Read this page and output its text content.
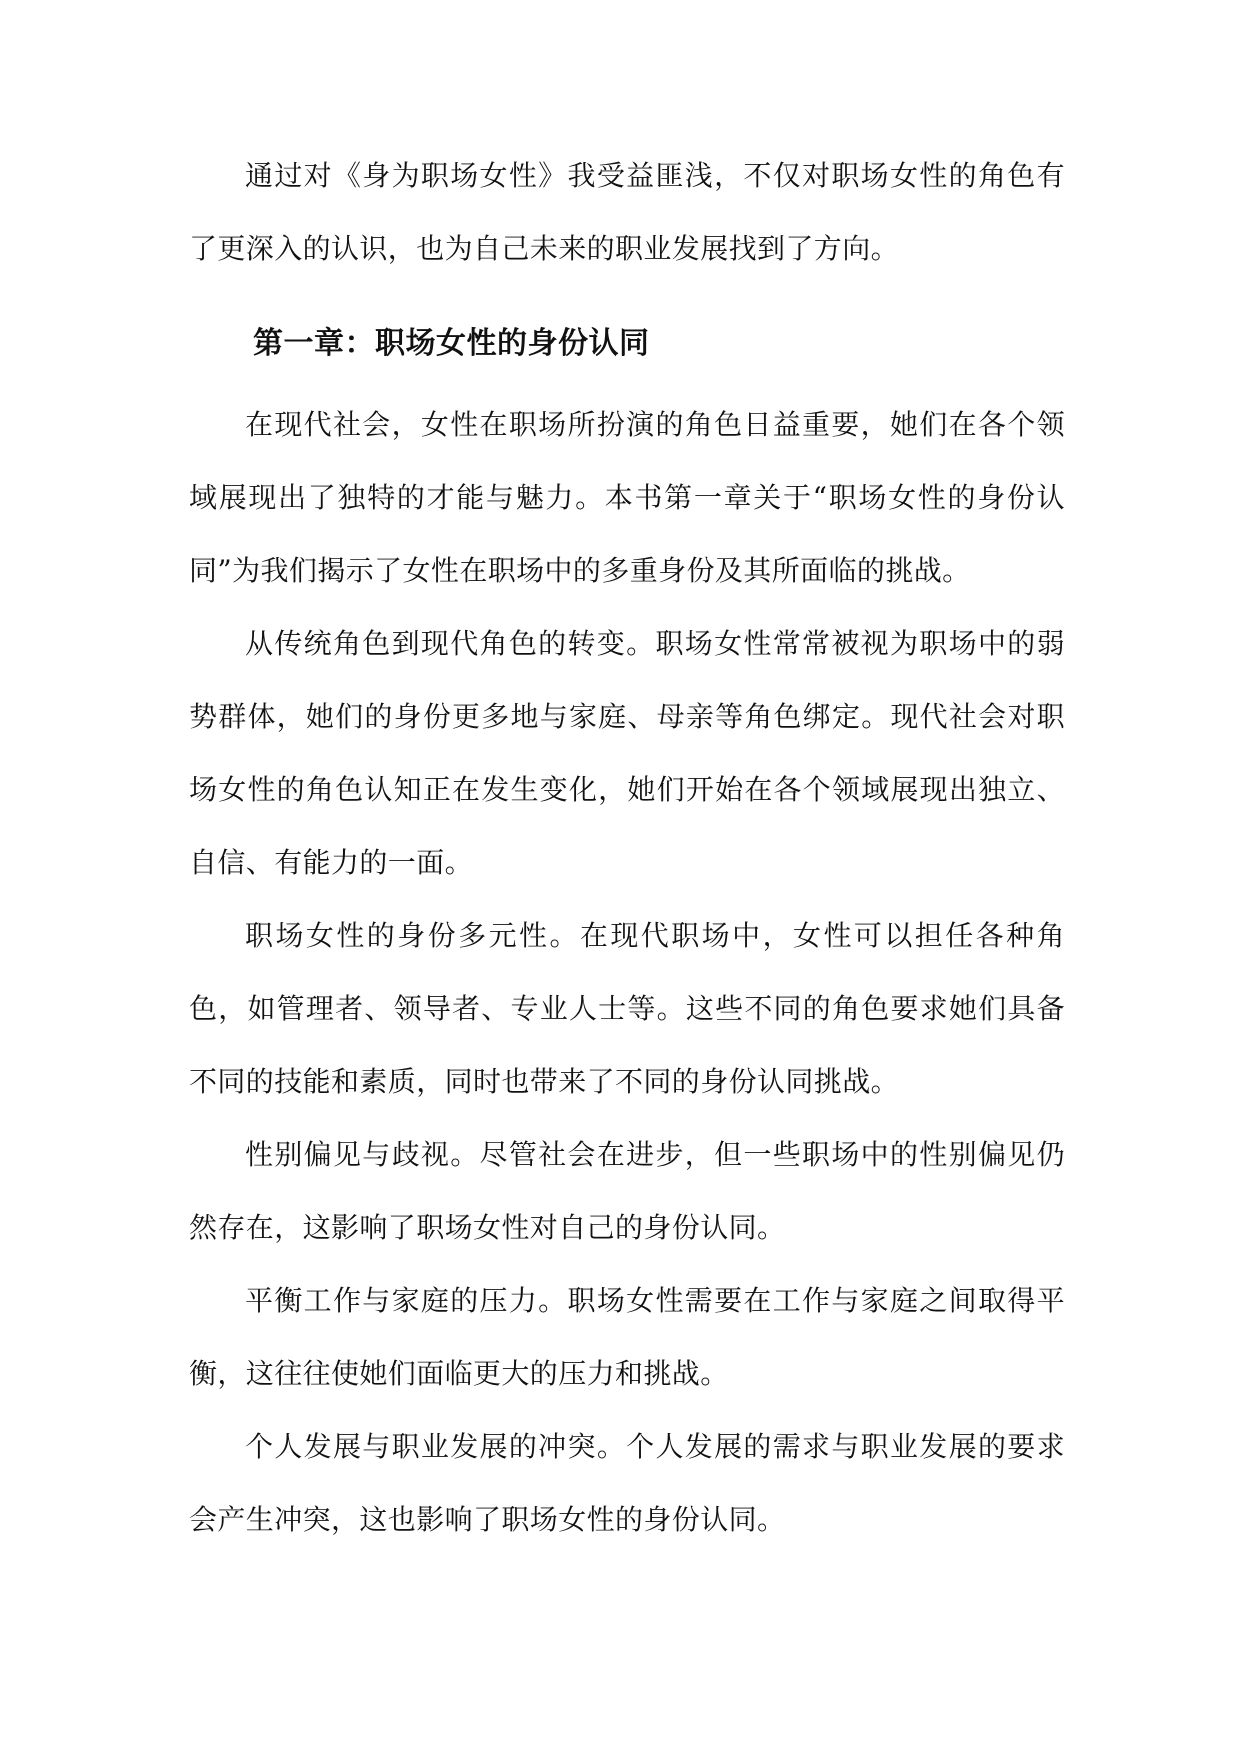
通过对《身为职场女性》我受益匪浅，不仅对职场女性的角色有了更深入的认识，也为自己未来的职业发展找到了方向。

第一章：职场女性的身份认同

在现代社会，女性在职场所扮演的角色日益重要，她们在各个领域展现出了独特的才能与魅力。本书第一章关于“职场女性的身份认同”为我们揭示了女性在职场中的多重身份及其所面临的挑战。

从传统角色到现代角色的转变。职场女性常常被视为职场中的弱势群体，她们的身份更多地与家庭、母亲等角色绑定。现代社会对职场女性的角色认知正在发生变化，她们开始在各个领域展现出独立、自信、有能力的一面。

职场女性的身份多元性。在现代职场中，女性可以担任各种角色，如管理者、领导者、专业人士等。这些不同的角色要求她们具备不同的技能和素质，同时也带来了不同的身份认同挑战。

性别偏见与歧视。尽管社会在进步，但一些职场中的性别偏见仍然存在，这影响了职场女性对自己的身份认同。

平衡工作与家庭的压力。职场女性需要在工作与家庭之间取得平衡，这往往使她们面临更大的压力和挑战。

个人发展与职业发展的冲突。个人发展的需求与职业发展的要求会产生冲突，这也影响了职场女性的身份认同。
